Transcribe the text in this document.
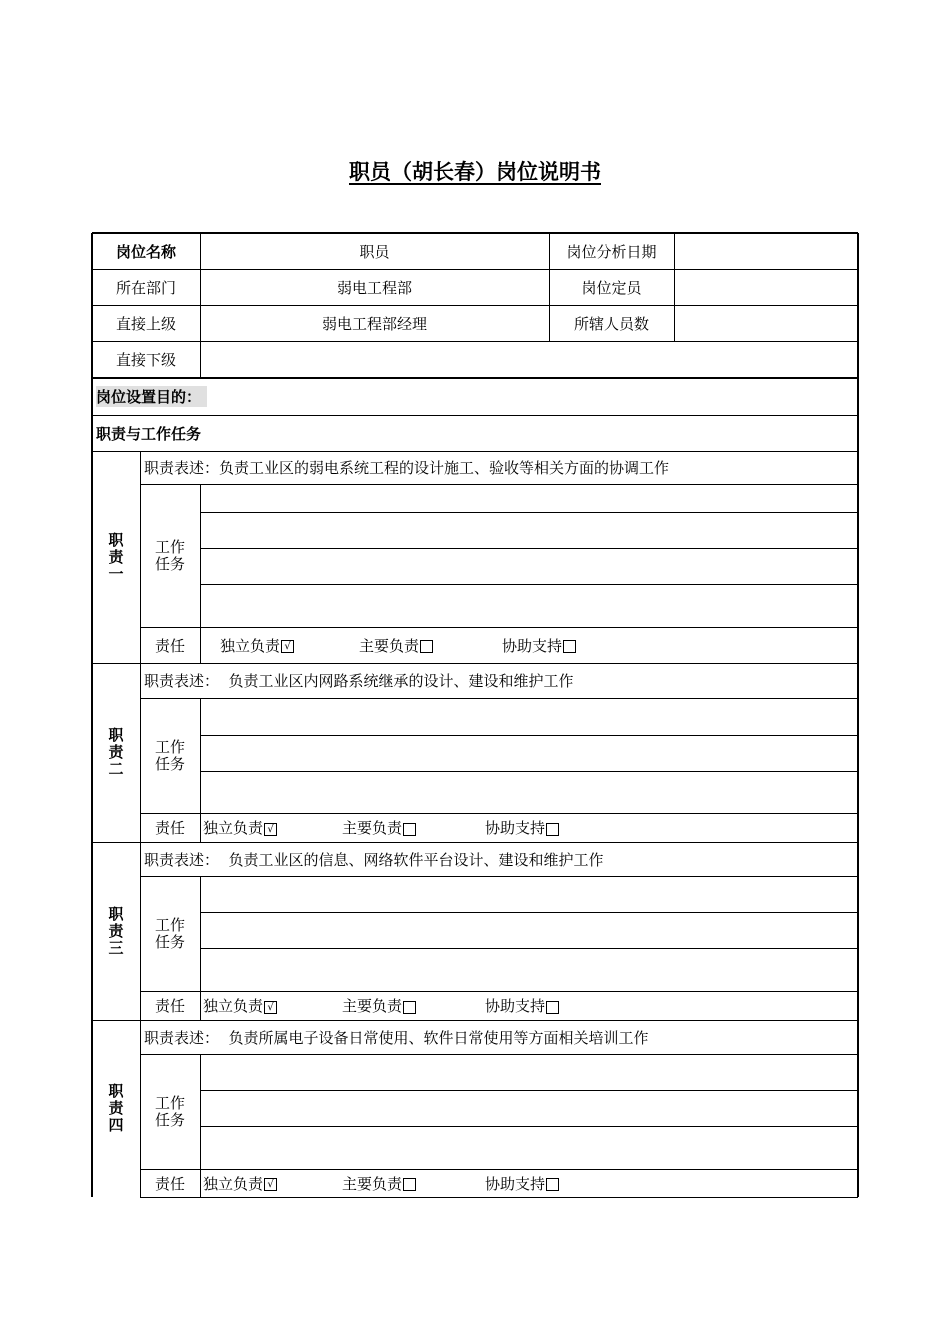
职员（胡长春）岗位说明书
岗位名称	职员	岗位分析日期
所在部门	弱电工程部	岗位定员
直接上级	弱电工程部经理	所辖人员数
直接下级
岗位设置目的：
职责与工作任务
职
责
一
职责表述：负责工业区的弱电系统工程的设计施工、验收等相关方面的协调工作
工作
任务
责任	独立负责 √	主要负责	协助支持
职
责
二
职责表述：  负责工业区内网路系统继承的设计、建设和维护工作
工作
任务
责任	独立负责 √	主要负责	协助支持
职
责
三
职责表述：  负责工业区的信息、网络软件平台设计、建设和维护工作
工作
任务
责任	独立负责 √	主要负责	协助支持
职
责
四
职责表述：  负责所属电子设备日常使用、软件日常使用等方面相关培训工作
工作
任务
责任	独立负责 √	主要负责	协助支持
